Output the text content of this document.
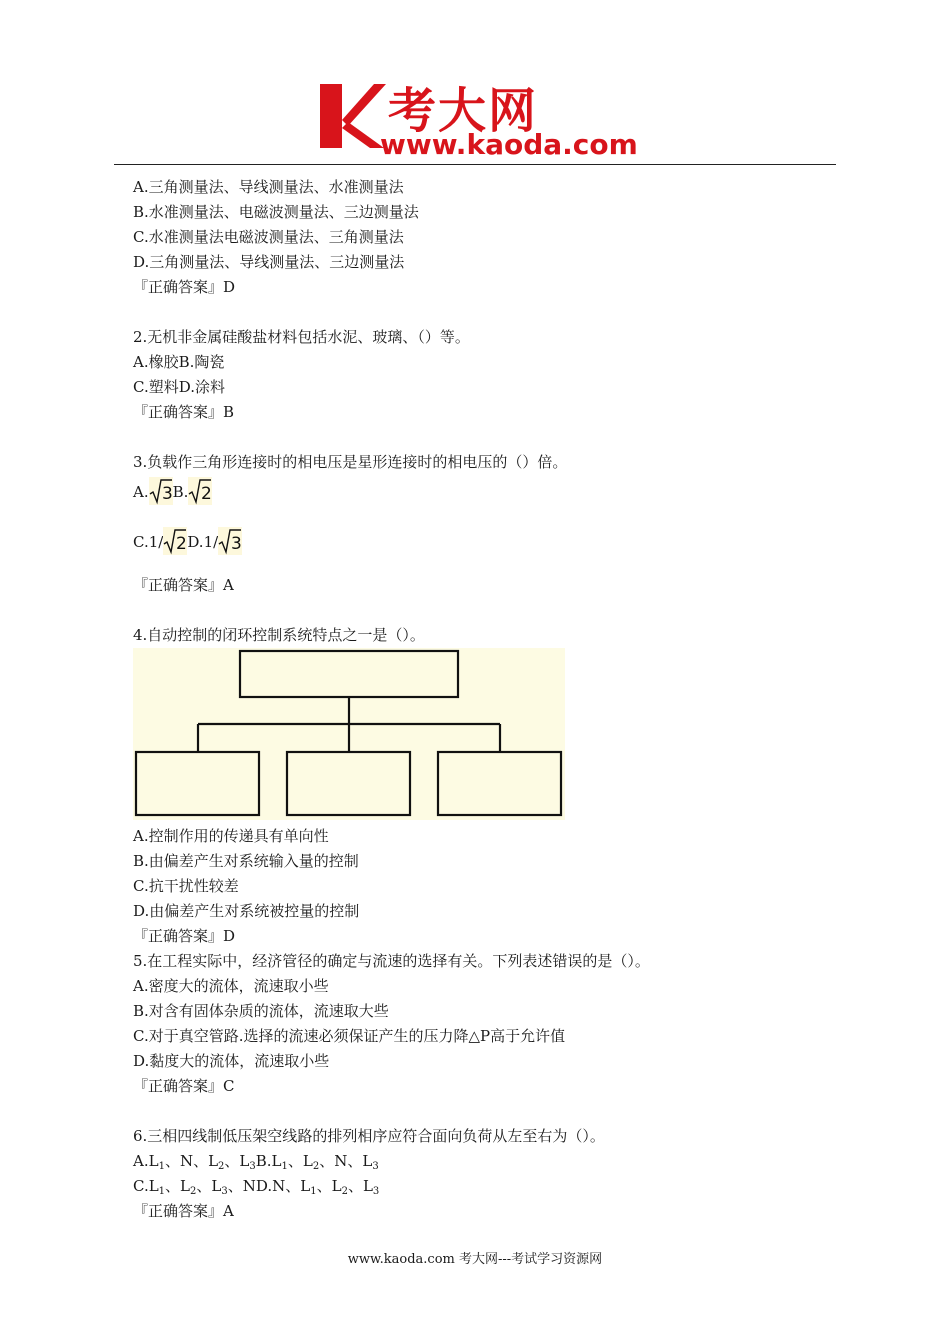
考大网
www.kaoda.com
A.三角测量法、导线测量法、水准测量法
B.水准测量法、电磁波测量法、三边测量法
C.水准测量法电磁波测量法、三角测量法
D.三角测量法、导线测量法、三边测量法
『正确答案』D
2.无机非金属硅酸盐材料包括水泥、玻璃、（）等。
A.橡胶B.陶瓷
C.塑料D.涂料
『正确答案』B
3.负载作三角形连接时的相电压是星形连接时的相电压的（）倍。
A. 3 B. 2
C.1/ 2 D.1/ 3
『正确答案』A
4.自动控制的闭环控制系统特点之一是（）。
A.控制作用的传递具有单向性
B.由偏差产生对系统输入量的控制
C.抗干扰性较差
D.由偏差产生对系统被控量的控制
『正确答案』D
5.在工程实际中，经济管径的确定与流速的选择有关。下列表述错误的是（）。
A.密度大的流体，流速取小些
B.对含有固体杂质的流体，流速取大些
C.对于真空管路.选择的流速必须保证产生的压力降△P高于允许值
D.黏度大的流体，流速取小些
『正确答案』C
6.三相四线制低压架空线路的排列相序应符合面向负荷从左至右为（）。
$A.L_1$、N、$L_2$、$L_3B.L_1$、$L_2$、N、$L_3$
$C.L_1$、$L_2$、$L_3$、ND.N、$L_1$、$L_2$、$L_3$
『正确答案』A
www.kaoda.com 考大网---考试学习资源网
